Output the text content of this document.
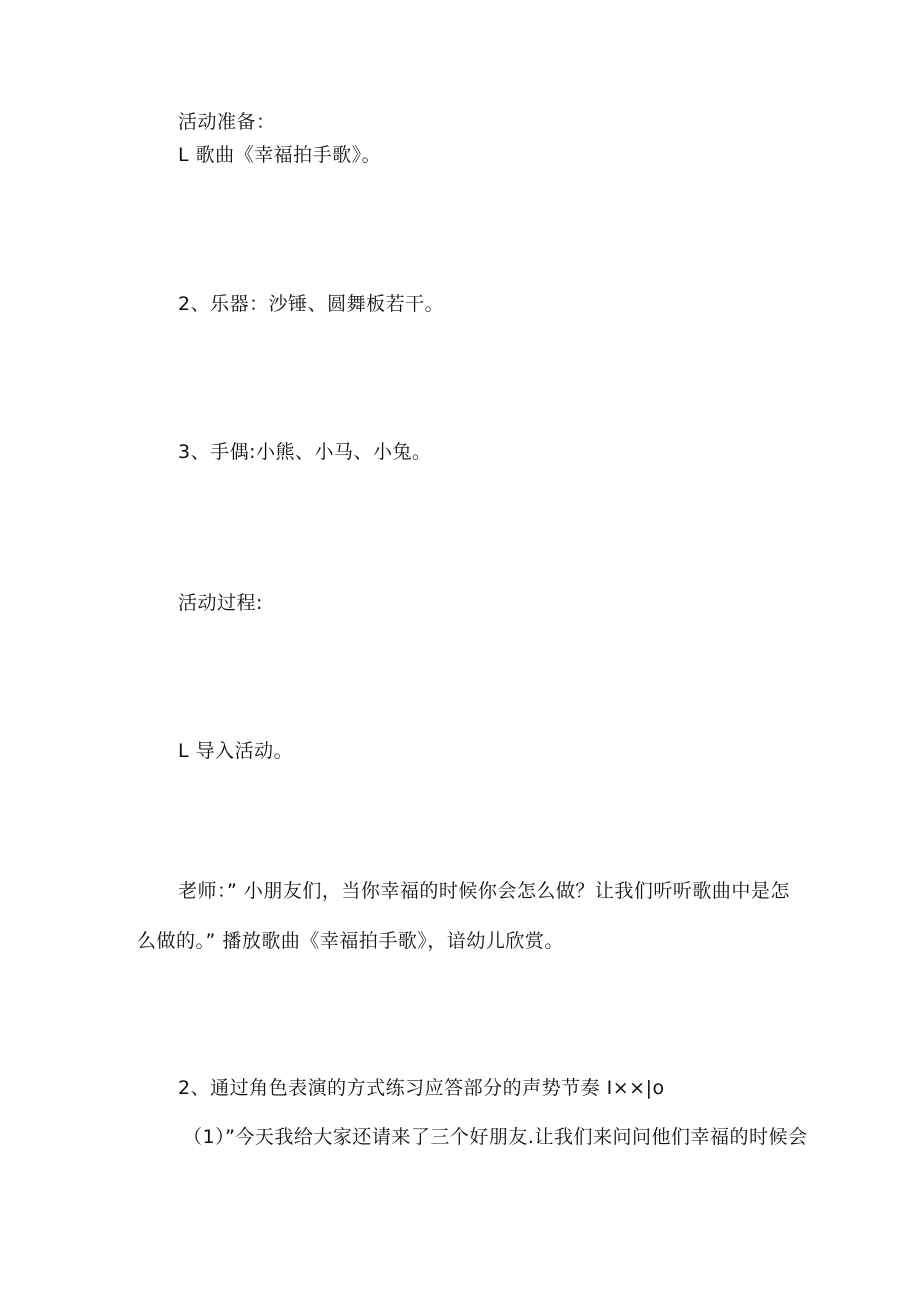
活动准备：
L 歌曲《幸福拍手歌》。
2、乐器：沙锤、圆舞板若干。
3、手偶:小熊、小马、小兔。
活动过程:
L 导入活动。
老师：” 小朋友们，当你幸福的时候你会怎么做？让我们听听歌曲中是怎
么做的。” 播放歌曲《幸福拍手歌》，谙幼儿欣赏。
2、通过角色表演的方式练习应答部分的声势节奏 I××|o
（1）”今天我给大家还请来了三个好朋友.让我们来问问他们幸福的时候会
